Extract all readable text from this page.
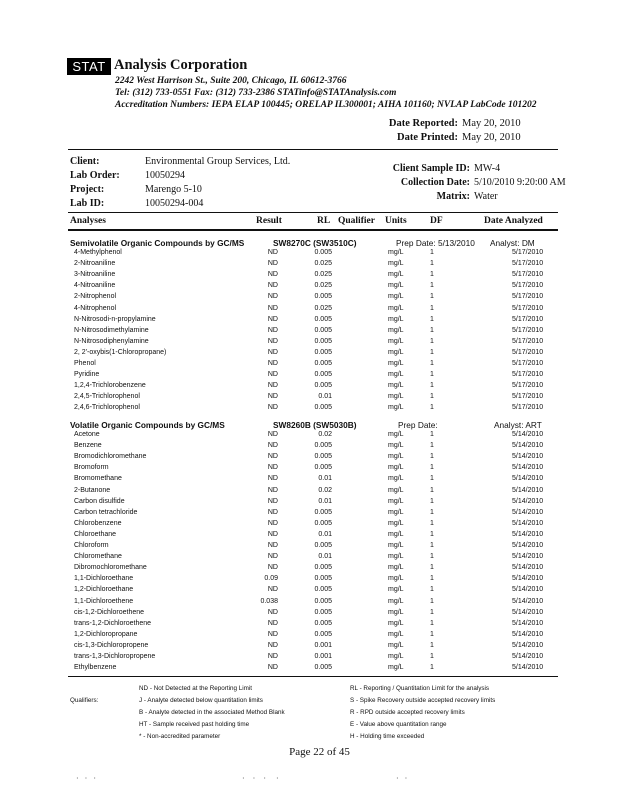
STAT Analysis Corporation
2242 West Harrison St., Suite 200, Chicago, IL 60612-3766
Tel: (312) 733-0551 Fax: (312) 733-2386 STATinfo@STATAnalysis.com
Accreditation Numbers: IEPA ELAP 100445; ORELAP IL300001; AIHA 101160; NVLAP LabCode 101202
Date Reported: May 20, 2010
Date Printed: May 20, 2010
Client:	Environmental Group Services, Ltd.
Lab Order:	10050294
Project:	Marengo 5-10
Lab ID:	10050294-004
Client Sample ID: MW-4
Collection Date: 5/10/2010 9:20:00 AM
Matrix: Water
Analyses	Result	RL Qualifier Units DF	Date Analyzed
Semivolatile Organic Compounds by GC/MS	SW8270C (SW3510C)	Prep Date: 5/13/2010 Analyst: DM
4-Methylphenol	ND	0.005	mg/L	1	5/17/2010
2-Nitroaniline	ND	0.025	mg/L	1	5/17/2010
3-Nitroaniline	ND	0.025	mg/L	1	5/17/2010
4-Nitroaniline	ND	0.025	mg/L	1	5/17/2010
2-Nitrophenol	ND	0.005	mg/L	1	5/17/2010
4-Nitrophenol	ND	0.025	mg/L	1	5/17/2010
N-Nitrosodi-n-propylamine	ND	0.005	mg/L	1	5/17/2010
N-Nitrosodimethylamine	ND	0.005	mg/L	1	5/17/2010
N-Nitrosodiphenylamine	ND	0.005	mg/L	1	5/17/2010
2, 2'-oxybis(1-Chloropropane)	ND	0.005	mg/L	1	5/17/2010
Phenol	ND	0.005	mg/L	1	5/17/2010
Pyridine	ND	0.005	mg/L	1	5/17/2010
1,2,4-Trichlorobenzene	ND	0.005	mg/L	1	5/17/2010
2,4,5-Trichlorophenol	ND	0.01	mg/L	1	5/17/2010
2,4,6-Trichlorophenol	ND	0.005	mg/L	1	5/17/2010
Volatile Organic Compounds by GC/MS	SW8260B (SW5030B)	Prep Date:	Analyst: ART
Acetone	ND	0.02	mg/L	1	5/14/2010
Benzene	ND	0.005	mg/L	1	5/14/2010
Bromodichloromethane	ND	0.005	mg/L	1	5/14/2010
Bromoform	ND	0.005	mg/L	1	5/14/2010
Bromomethane	ND	0.01	mg/L	1	5/14/2010
2-Butanone	ND	0.02	mg/L	1	5/14/2010
Carbon disulfide	ND	0.01	mg/L	1	5/14/2010
Carbon tetrachloride	ND	0.005	mg/L	1	5/14/2010
Chlorobenzene	ND	0.005	mg/L	1	5/14/2010
Chloroethane	ND	0.01	mg/L	1	5/14/2010
Chloroform	ND	0.005	mg/L	1	5/14/2010
Chloromethane	ND	0.01	mg/L	1	5/14/2010
Dibromochloromethane	ND	0.005	mg/L	1	5/14/2010
1,1-Dichloroethane	0.09	0.005	mg/L	1	5/14/2010
1,2-Dichloroethane	ND	0.005	mg/L	1	5/14/2010
1,1-Dichloroethene	0.038	0.005	mg/L	1	5/14/2010
cis-1,2-Dichloroethene	ND	0.005	mg/L	1	5/14/2010
trans-1,2-Dichloroethene	ND	0.005	mg/L	1	5/14/2010
1,2-Dichloropropane	ND	0.005	mg/L	1	5/14/2010
cis-1,3-Dichloropropene	ND	0.001	mg/L	1	5/14/2010
trans-1,3-Dichloropropene	ND	0.001	mg/L	1	5/14/2010
Ethylbenzene	ND	0.005	mg/L	1	5/14/2010
Qualifiers:
ND - Not Detected at the Reporting Limit
J - Analyte detected below quantitation limits
B - Analyte detected in the associated Method Blank
HT - Sample received past holding time
* - Non-accredited parameter
RL - Reporting / Quantitation Limit for the analysis
S - Spike Recovery outside accepted recovery limits
R - RPD outside accepted recovery limits
E - Value above quantitation range
H - Holding time exceeded
Page 22 of 45
·   ·   ·	·    ·    ·     ·	·   ·
